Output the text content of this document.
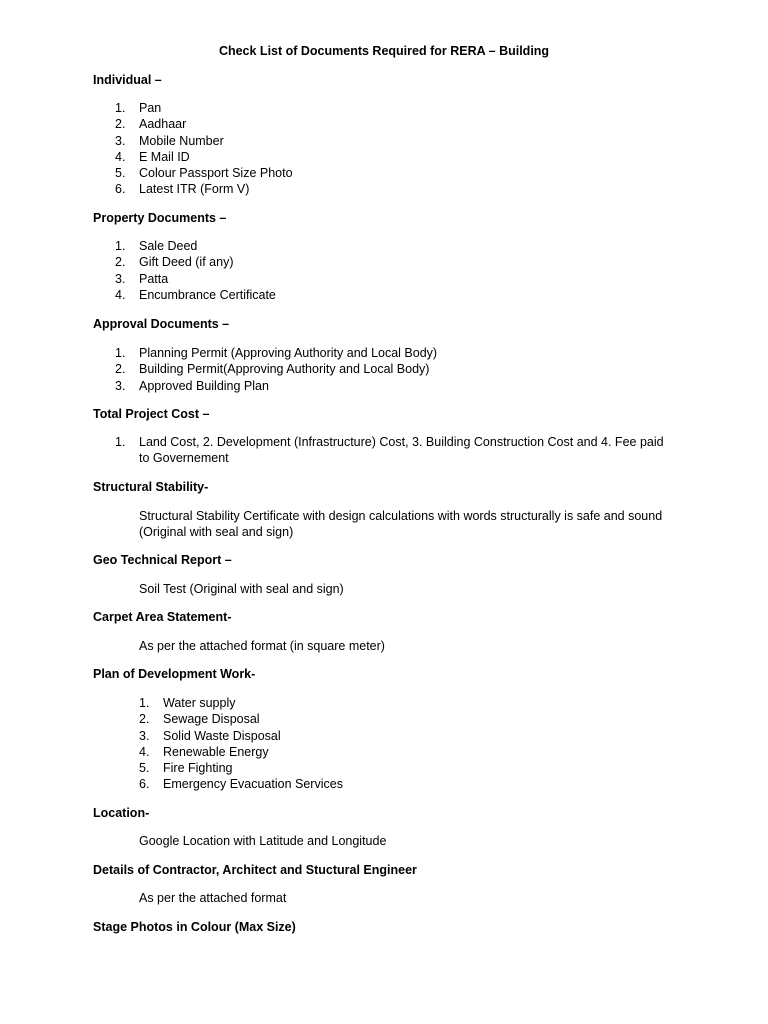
Check List of Documents Required for RERA – Building
Individual –
1. Pan
2. Aadhaar
3. Mobile Number
4. E Mail ID
5. Colour Passport Size Photo
6. Latest ITR (Form V)
Property Documents –
1. Sale Deed
2. Gift Deed (if any)
3. Patta
4. Encumbrance Certificate
Approval Documents –
1. Planning Permit (Approving Authority and Local Body)
2. Building Permit(Approving Authority and Local Body)
3. Approved Building Plan
Total Project Cost –
1. Land Cost, 2. Development (Infrastructure) Cost, 3. Building Construction Cost and 4. Fee paid to Governement
Structural Stability-

Structural Stability Certificate with design calculations with words structurally is safe and sound (Original with seal and sign)

Geo Technical Report –

Soil Test (Original with seal and sign)

Carpet Area Statement-

As per the attached format (in square meter)

Plan of Development Work-
1. Water supply
2. Sewage Disposal
3. Solid Waste Disposal
4. Renewable Energy
5. Fire Fighting
6. Emergency Evacuation Services
Location-

Google Location with Latitude and Longitude

Details of Contractor, Architect and Stuctural Engineer

As per the attached format

Stage Photos in Colour (Max Size)
